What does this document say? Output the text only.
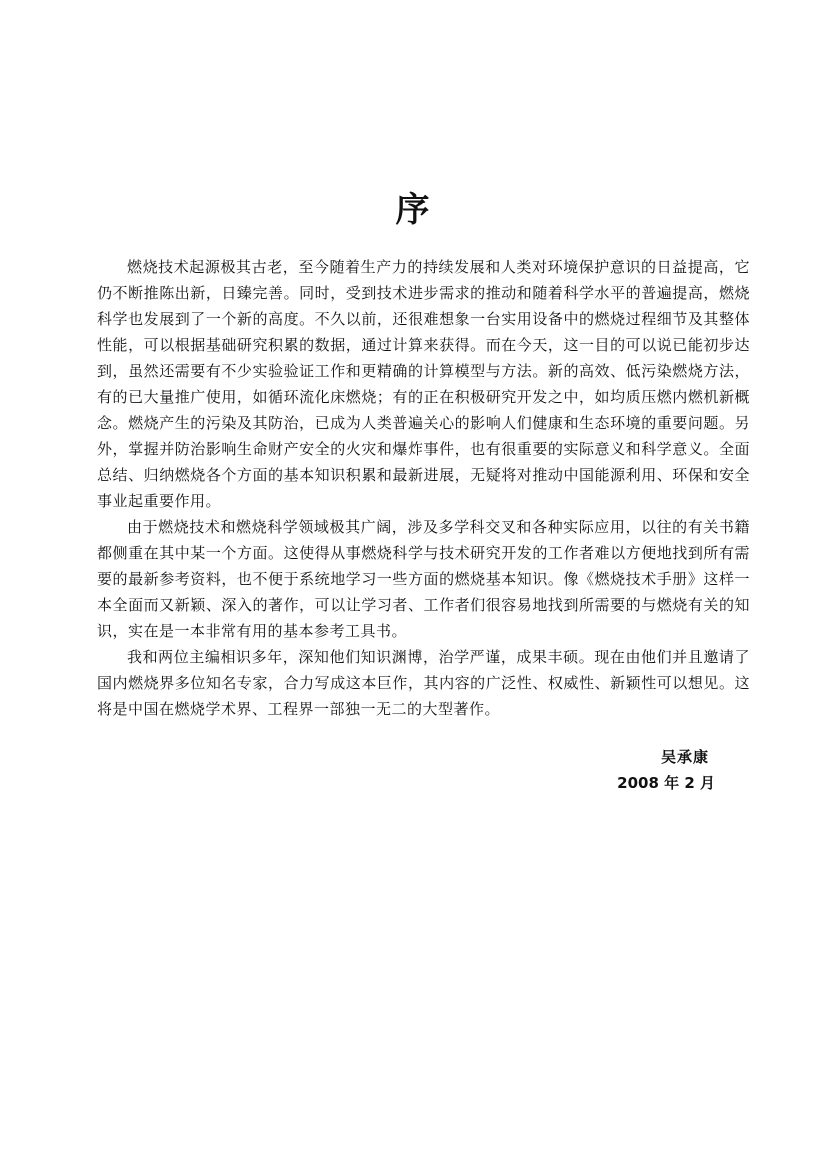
序

燃烧技术起源极其古老，至今随着生产力的持续发展和人类对环境保护意识的日益提高，它仍不断推陈出新，日臻完善。同时，受到技术进步需求的推动和随着科学水平的普遍提高，燃烧科学也发展到了一个新的高度。不久以前，还很难想象一台实用设备中的燃烧过程细节及其整体性能，可以根据基础研究积累的数据，通过计算来获得。而在今天，这一目的可以说已能初步达到，虽然还需要有不少实验验证工作和更精确的计算模型与方法。新的高效、低污染燃烧方法，有的已大量推广使用，如循环流化床燃烧；有的正在积极研究开发之中，如均质压燃内燃机新概念。燃烧产生的污染及其防治，已成为人类普遍关心的影响人们健康和生态环境的重要问题。另外，掌握并防治影响生命财产安全的火灾和爆炸事件，也有很重要的实际意义和科学意义。全面总结、归纳燃烧各个方面的基本知识积累和最新进展，无疑将对推动中国能源利用、环保和安全事业起重要作用。

由于燃烧技术和燃烧科学领域极其广阔，涉及多学科交叉和各种实际应用，以往的有关书籍都侧重在其中某一个方面。这使得从事燃烧科学与技术研究开发的工作者难以方便地找到所有需要的最新参考资料，也不便于系统地学习一些方面的燃烧基本知识。像《燃烧技术手册》这样一本全面而又新颖、深入的著作，可以让学习者、工作者们很容易地找到所需要的与燃烧有关的知识，实在是一本非常有用的基本参考工具书。

我和两位主编相识多年，深知他们知识渊博，治学严谨，成果丰硕。现在由他们并且邀请了国内燃烧界多位知名专家，合力写成这本巨作，其内容的广泛性、权威性、新颖性可以想见。这将是中国在燃烧学术界、工程界一部独一无二的大型著作。

吴承康
2008 年 2 月
